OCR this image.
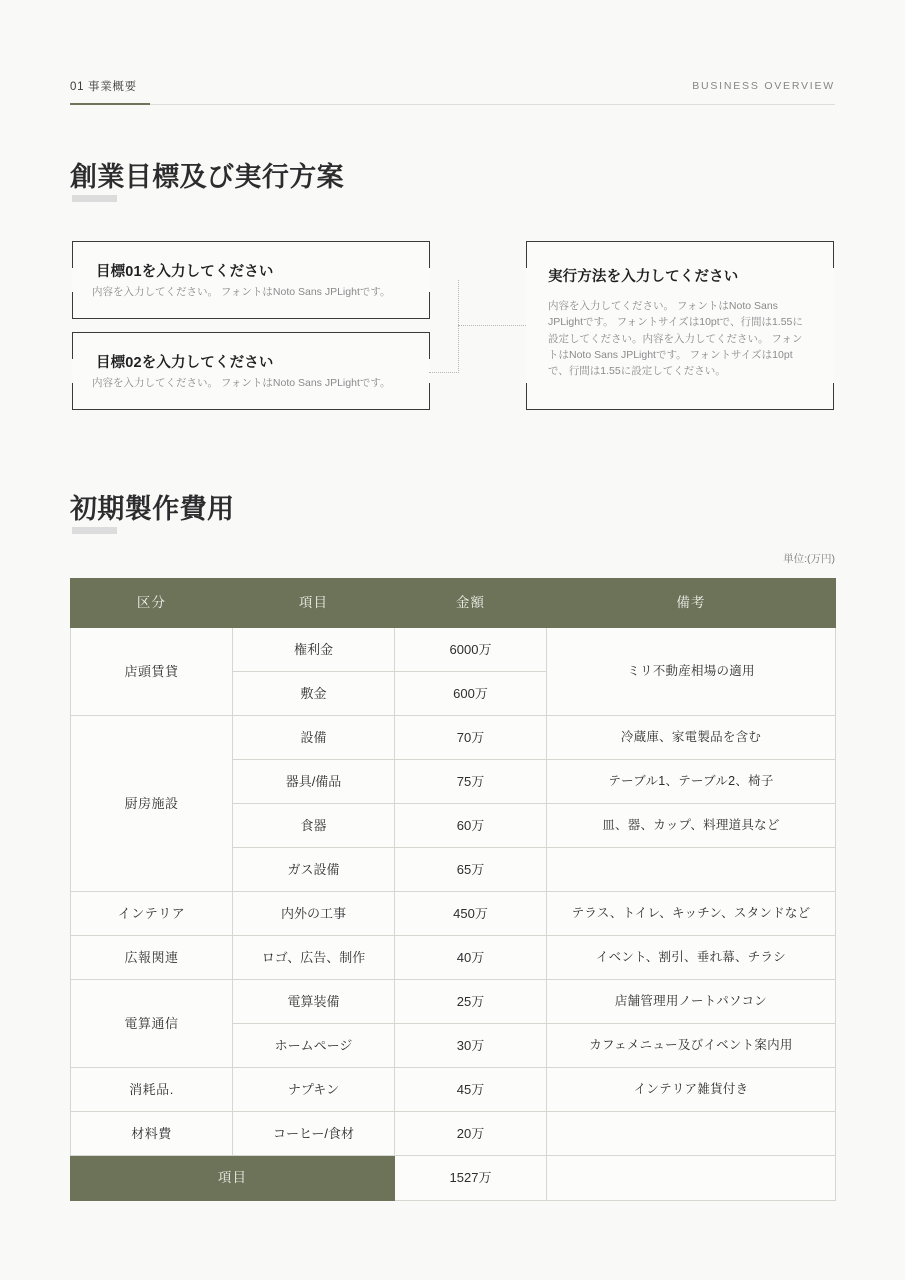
01 事業概要	BUSINESS OVERVIEW
創業目標及び実行方案
目標01を入力してください
内容を入力してください。 フォントはNoto Sans JPLightです。
目標02を入力してください
内容を入力してください。 フォントはNoto Sans JPLightです。
実行方法を入力してください
内容を入力してください。 フォントはNoto Sans JPLightです。 フォントサイズは10ptで、行間は1.55に設定してください。内容を入力してください。 フォントはNoto Sans JPLightです。 フォントサイズは10ptで、行間は1.55に設定してください。
初期製作費用
単位:(万円)
区分	項目	金額	備考
店頭賃貸	権利金	6000万	ミリ不動産相場の適用
	敷金	600万	
厨房施設	設備	70万	冷蔵庫、家電製品を含む
	器具/備品	75万	テーブル1、テーブル2、椅子
	食器	60万	皿、器、カップ、料理道具など
	ガス設備	65万	
インテリア	内外の工事	450万	テラス、トイレ、キッチン、スタンドなど
広報関連	ロゴ、広告、制作	40万	イベント、割引、垂れ幕、チラシ
電算通信	電算装備	25万	店舗管理用ノートパソコン
	ホームページ	30万	カフェメニュー及びイベント案内用
消耗品.	ナプキン	45万	インテリア雑貨付き
材料費	コーヒー/食材	20万	
項目		1527万	
